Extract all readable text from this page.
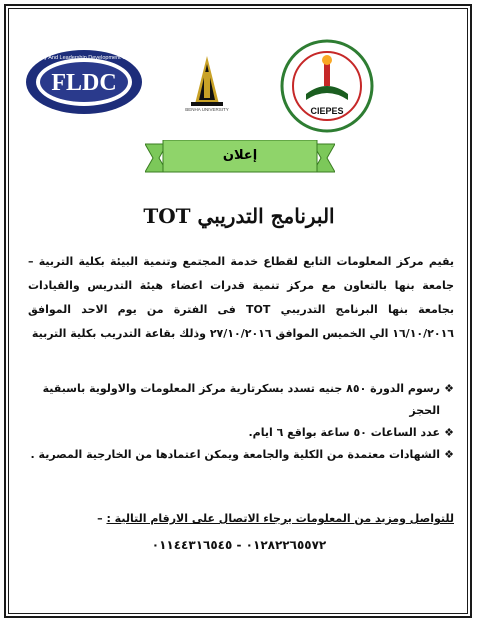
FLDC
Faculty And Leadership Development Center
BENHA UNIVERSITY	CIEPES
إعلان
البرنامج التدريبي TOT
يقيم مركز المعلومات التابع لقطاع خدمة المجتمع وتنمية البيئة بكلية التربية – جامعة بنها بالتعاون مع مركز تنمية قدرات اعضاء هيئة التدريس والقيادات بجامعة بنها البرنامج التدريبي TOT فى الفترة من يوم الاحد الموافق ١٦/١٠/٢٠١٦ الي الخميس الموافق ٢٧/١٠/٢٠١٦ وذلك بقاعة التدريب بكلية التربية
❖
رسوم الدورة ٨٥٠ جنيه تسدد بسكرتارية مركز المعلومات والاولوية باسبقية الحجز
❖
عدد الساعات ٥٠ ساعة بواقع ٦ ايام.
❖
الشهادات معتمدة من الكلية والجامعة ويمكن اعتمادها من الخارجية المصرية .
للتواصل ومزيد من المعلومات يرجاء الاتصال على الارقام التالية : –
٠١٢٨٢٢٦٥٥٧٢ - ٠١١٤٤٣١٦٥٤٥
